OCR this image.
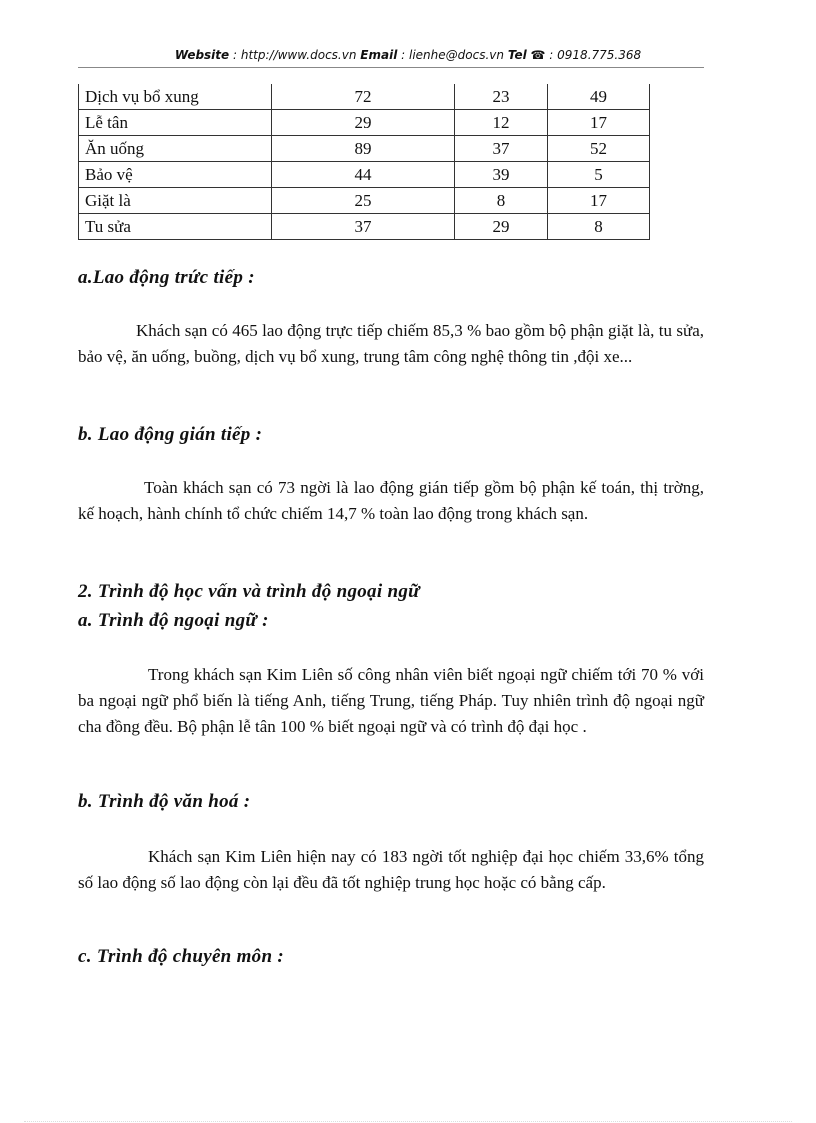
Website : http://www.docs.vn Email : lienhe@docs.vn Tel ☎ : 0918.775.368
Dịch vụ bổ xung	72	23	49
Lễ tân	29	12	17
Ăn uống	89	37	52
Bảo vệ	44	39	5
Giặt là	25	8	17
Tu sửa	37	29	8
a.Lao động trức tiếp :

Khách sạn có 465 lao động trực tiếp chiếm 85,3 % bao gồm bộ phận giặt là, tu sửa, bảo vệ, ăn uống, buồng, dịch vụ bổ xung, trung tâm công nghệ thông tin ,đội xe...

b. Lao động gián tiếp :

Toàn khách sạn có 73 ngời là lao động gián tiếp gồm bộ phận kế toán, thị trờng, kế hoạch, hành chính tổ chức chiếm 14,7 % toàn lao động trong khách sạn.

2. Trình độ học vấn và trình độ ngoại ngữ
a. Trình độ ngoại ngữ :

Trong khách sạn Kim Liên số công nhân viên biết ngoại ngữ chiếm tới 70 % với ba ngoại ngữ phổ biến là tiếng Anh, tiếng Trung, tiếng Pháp. Tuy nhiên trình độ ngoại ngữ cha đồng đều. Bộ phận lễ tân 100 % biết ngoại ngữ và có trình độ đại học .

b. Trình độ văn hoá :

Khách sạn Kim Liên hiện nay có 183 ngời tốt nghiệp đại học chiếm 33,6% tổng số lao động số lao động còn lại đều đã tốt nghiệp trung học hoặc có bằng cấp.

c. Trình độ chuyên môn :
